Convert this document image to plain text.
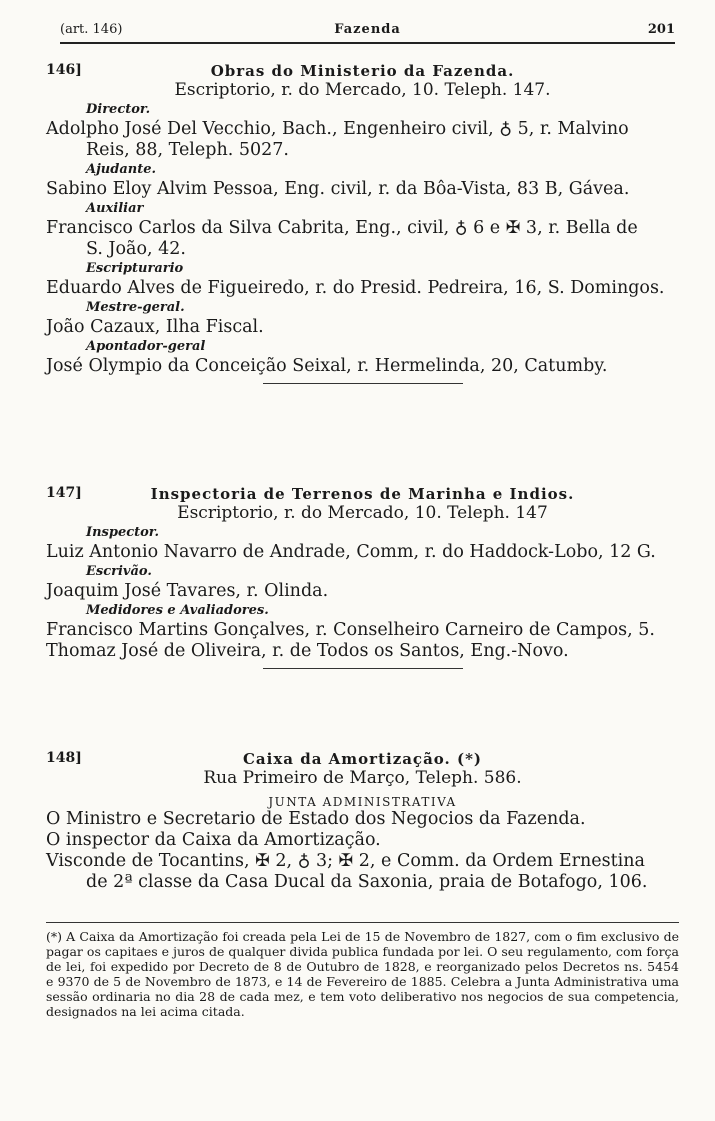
(art. 146)	Fazenda	201
146]	Obras do Ministerio da Fazenda.
Escriptorio, r. do Mercado, 10. Teleph. 147.
Director.
Adolpho José Del Vecchio, Bach., Engenheiro civil, ♁ 5, r. Malvino
Reis, 88, Teleph. 5027.
Ajudante.
Sabino Eloy Alvim Pessoa, Eng. civil, r. da Bôa-Vista, 83 B, Gávea.
Auxiliar
Francisco Carlos da Silva Cabrita, Eng., civil, ♁ 6 e ✠ 3, r. Bella de
S. João, 42.
Escripturario
Eduardo Alves de Figueiredo, r. do Presid. Pedreira, 16, S. Domingos.
Mestre-geral.
João Cazaux, Ilha Fiscal.
Apontador-geral
José Olympio da Conceição Seixal, r. Hermelinda, 20, Catumby.
147]	Inspectoria de Terrenos de Marinha e Indios.
Escriptorio, r. do Mercado, 10. Teleph. 147
Inspector.
Luiz Antonio Navarro de Andrade, Comm, r. do Haddock-Lobo, 12 G.
Escrivão.
Joaquim José Tavares, r. Olinda.
Medidores e Avaliadores.
Francisco Martins Gonçalves, r. Conselheiro Carneiro de Campos, 5.
Thomaz José de Oliveira, r. de Todos os Santos, Eng.-Novo.
148]	Caixa da Amortização. (*)
Rua Primeiro de Março, Teleph. 586.
JUNTA ADMINISTRATIVA
O Ministro e Secretario de Estado dos Negocios da Fazenda.
O inspector da Caixa da Amortização.
Visconde de Tocantins, ✠ 2, ♁ 3; ✠ 2, e Comm. da Ordem Ernestina
de 2ª classe da Casa Ducal da Saxonia, praia de Botafogo, 106.
(*) A Caixa da Amortização foi creada pela Lei de 15 de Novembro de 1827, com o fim exclusivo de pagar os capitaes e juros de qualquer divida publica fundada por lei. O seu regulamento, com força de lei, foi expedido por Decreto de 8 de Outubro de 1828, e reorganizado pelos Decretos ns. 5454 e 9370 de 5 de Novembro de 1873, e 14 de Fevereiro de 1885. Celebra a Junta Administrativa uma sessão ordinaria no dia 28 de cada mez, e tem voto deliberativo nos negocios de sua competencia, designados na lei acima citada.
